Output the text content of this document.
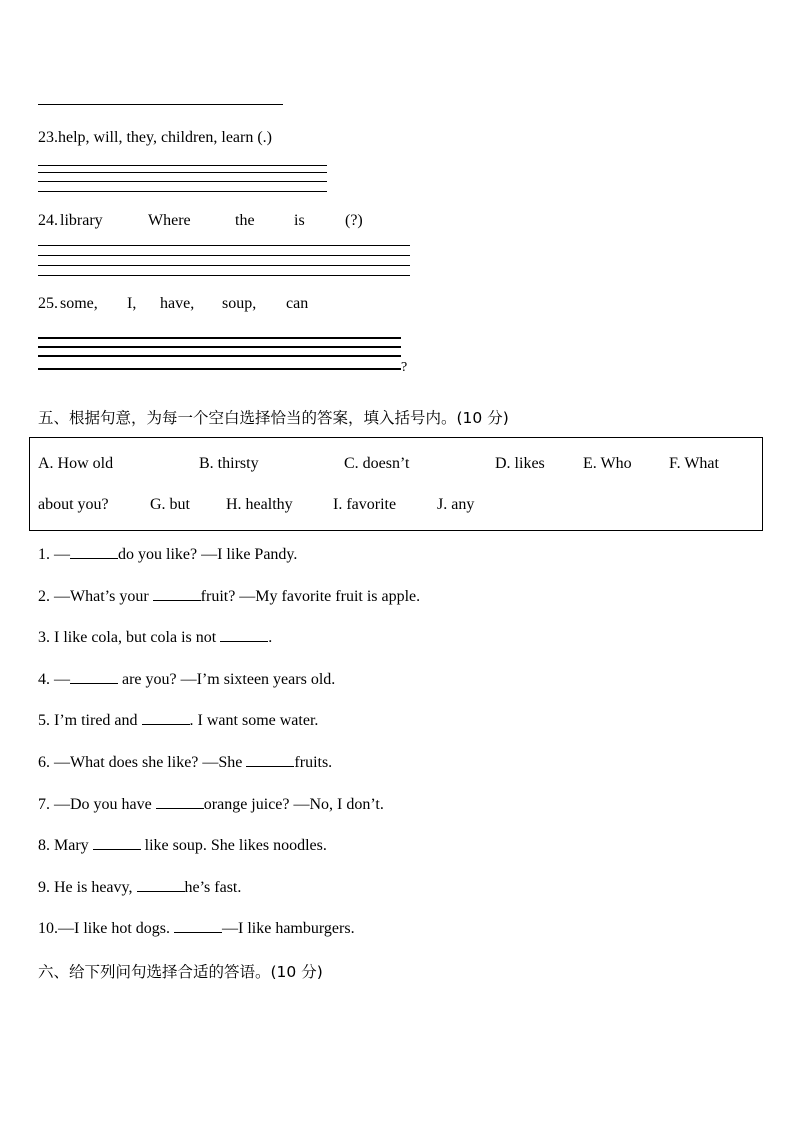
23.help, will, they, children, learn (.)
24. library	Where	the is	(?)
25. some, I, have, soup, can
?
五、根据句意，为每一个空白选择恰当的答案，填入括号内。(10 分)
A. How old	B. thirsty	C. doesn’t	D. likes E. Who F. What
about you?	G. but H. healthy	I. favorite	J. any
1. —	do you like? —I like Pandy.
2. —What’s your	fruit? —My favorite fruit is apple.
3. I like cola, but cola is not	.
4. —	are you? —I’m sixteen years old.
5. I’m tired and	. I want some water.
6. —What does she like? —She	fruits.
7. —Do you have	orange juice? —No, I don’t.
8. Mary	like soup. She likes noodles.
9. He is heavy,	he’s fast.
10.—I like hot dogs.	—I like hamburgers.
六、给下列问句选择合适的答语。(10 分)
